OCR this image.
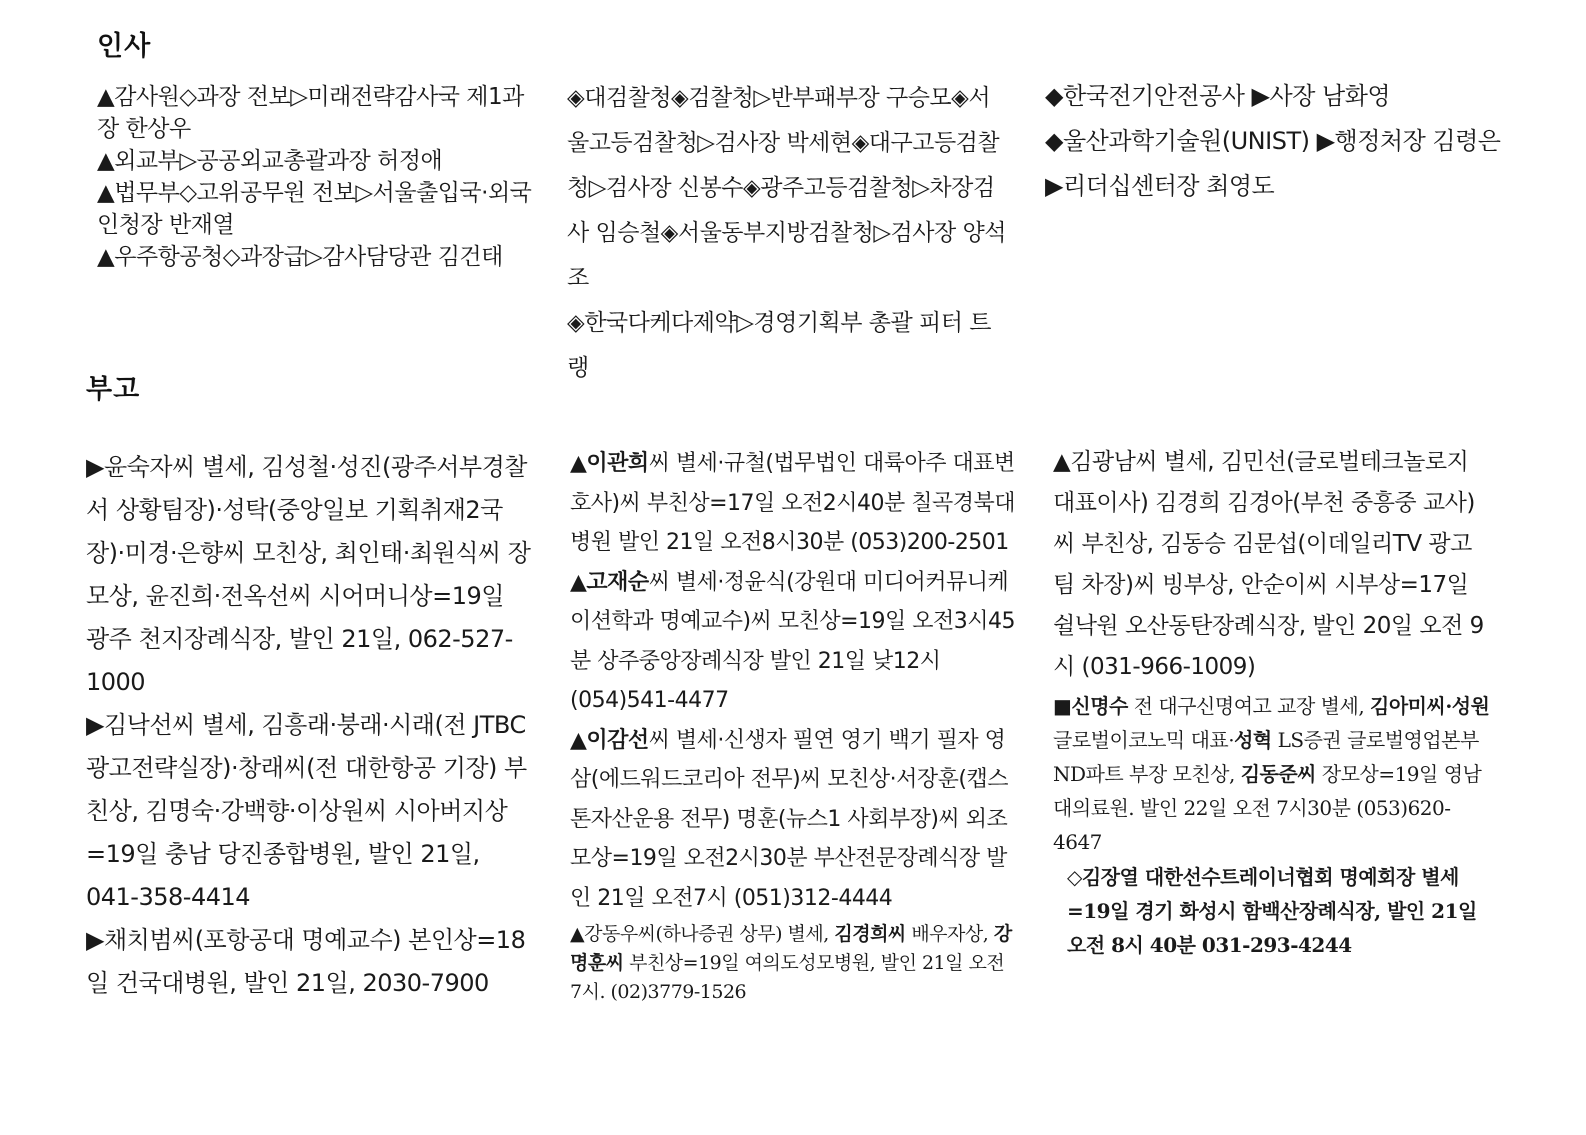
인사

▲감사원◇과장 전보▷미래전략감사국 제1과장 한상우

▲외교부▷공공외교총괄과장 허정애

▲법무부◇고위공무원 전보▷서울출입국·외국인청장 반재열

▲우주항공청◇과장급▷감사담당관 김건태

◈대검찰청◈검찰청▷반부패부장 구승모◈서울고등검찰청▷검사장 박세현◈대구고등검찰청▷검사장 신봉수◈광주고등검찰청▷차장검사 임승철◈서울동부지방검찰청▷검사장 양석조

◈한국다케다제약▷경영기획부 총괄 피터 트랭

◆한국전기안전공사 ▶사장 남화영

◆울산과학기술원(UNIST) ▶행정처장 김령은 ▶리더십센터장 최영도

부고

▶윤숙자씨 별세, 김성철·성진(광주서부경찰서 상황팀장)·성탁(중앙일보 기획취재2국장)·미경·은향씨 모친상, 최인태·최원식씨 장모상, 윤진희·전옥선씨 시어머니상=19일 광주 천지장례식장, 발인 21일, 062-527-1000

▶김낙선씨 별세, 김흥래·붕래·시래(전 JTBC 광고전략실장)·창래씨(전 대한항공 기장) 부친상, 김명숙·강백향·이상원씨 시아버지상=19일 충남 당진종합병원, 발인 21일, 041-358-4414

▶채치범씨(포항공대 명예교수) 본인상=18일 건국대병원, 발인 21일, 2030-7900

▲이관희씨 별세·규철(법무법인 대륙아주 대표변호사)씨 부친상=17일 오전2시40분 칠곡경북대병원 발인 21일 오전8시30분 (053)200-2501

▲고재순씨 별세·정윤식(강원대 미디어커뮤니케이션학과 명예교수)씨 모친상=19일 오전3시45분 상주중앙장례식장 발인 21일 낮12시 (054)541-4477

▲이감선씨 별세·신생자 필연 영기 백기 필자 영삼(에드워드코리아 전무)씨 모친상·서장훈(캡스톤자산운용 전무) 명훈(뉴스1 사회부장)씨 외조모상=19일 오전2시30분 부산전문장례식장 발인 21일 오전7시 (051)312-4444

▲강동우씨(하나증권 상무) 별세, 김경희씨 배우자상, 강명훈씨 부친상=19일 여의도성모병원, 발인 21일 오전 7시. (02)3779-1526

▲김광남씨 별세, 김민선(글로벌테크놀로지 대표이사) 김경희 김경아(부천 중흥중 교사)씨 부친상, 김동승 김문섭(이데일리TV 광고팀 차장)씨 빙부상, 안순이씨 시부상=17일 쉴낙원 오산동탄장례식장, 발인 20일 오전 9시 (031-966-1009)

■신명수 전 대구신명여고 교장 별세, 김아미씨·성원 글로벌이코노믹 대표·성혁 LS증권 글로벌영업본부 ND파트 부장 모친상, 김동준씨 장모상=19일 영남대의료원. 발인 22일 오전 7시30분 (053)620-4647

◇김장열 대한선수트레이너협회 명예회장 별세=19일 경기 화성시 함백산장례식장, 발인 21일 오전 8시 40분 031-293-4244
